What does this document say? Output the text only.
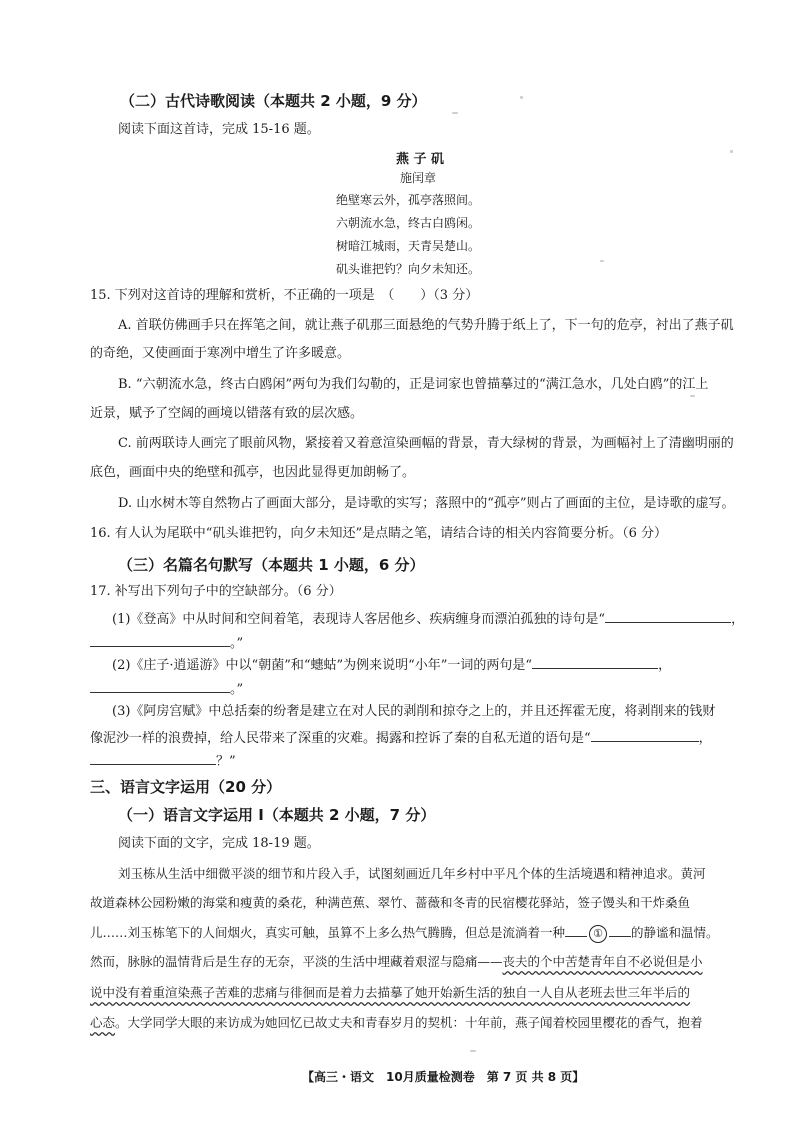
（二）古代诗歌阅读（本题共 2 小题，9 分）
阅读下面这首诗，完成 15-16 题。
燕 子 矶
施闰章
绝壁寒云外，孤亭落照间。
六朝流水急，终古白鸥闲。
树暗江城雨，天青吴楚山。
矶头谁把钓？向夕未知还。
15. 下列对这首诗的理解和赏析，不正确的一项是　（　　）（3 分）
A. 首联仿佛画手只在挥笔之间，就让燕子矶那三面悬绝的气势升腾于纸上了，下一句的危亭，衬出了燕子矶
的奇绝，又使画面于寒冽中增生了许多暖意。
B. “六朝流水急，终古白鸥闲”两句为我们勾勒的，正是词家也曾描摹过的“满江急水，几处白鸥”的江上
近景，赋予了空阔的画境以错落有致的层次感。
C. 前两联诗人画完了眼前风物，紧接着又着意渲染画幅的背景，青大绿树的背景，为画幅衬上了清幽明丽的
底色，画面中央的绝壁和孤亭，也因此显得更加朗畅了。
D. 山水树木等自然物占了画面大部分，是诗歌的实写；落照中的“孤亭”则占了画面的主位，是诗歌的虚写。
16. 有人认为尾联中“矶头谁把钓，向夕未知还”是点睛之笔，请结合诗的相关内容简要分析。（6 分）
（三）名篇名句默写（本题共 1 小题，6 分）
17. 补写出下列句子中的空缺部分。（6 分）
(1)《登高》中从时间和空间着笔，表现诗人客居他乡、疾病缠身而漂泊孤独的诗句是“	，
。”
(2)《庄子·逍遥游》中以“朝菌”和“蟪蛄”为例来说明“小年”一词的两句是“	，
。”
(3)《阿房宫赋》中总括秦的纷奢是建立在对人民的剥削和掠夺之上的，并且还挥霍无度，将剥削来的钱财
像泥沙一样的浪费掉，给人民带来了深重的灾难。揭露和控诉了秦的自私无道的语句是“	，
？”
三、语言文字运用（20 分）
（一）语言文字运用 Ⅰ（本题共 2 小题，7 分）
阅读下面的文字，完成 18-19 题。
刘玉栋从生活中细微平淡的细节和片段入手，试图刻画近几年乡村中平凡个体的生活境遇和精神追求。黄河
故道森林公园粉嫩的海棠和瘦黄的桑花，种满芭蕉、翠竹、蔷薇和冬青的民宿樱花驿站，签子馒头和干炸桑鱼
儿……刘玉栋笔下的人间烟火，真实可触，虽算不上多么热气腾腾，但总是流淌着一种	① 的静谧和温情。
然而，脉脉的温情背后是生存的无奈，平淡的生活中埋藏着艰涩与隐痛——丧夫的个中苦楚青年自不必说但是小
说中没有着重渲染燕子苦难的悲痛与徘徊而是着力去描摹了她开始新生活的独自一人自从老班去世三年半后的
心态。大学同学大眼的来访成为她回忆已故丈夫和青春岁月的契机：十年前，燕子闻着校园里樱花的香气，抱着
【高三・语文　10月质量检测卷　第 7 页 共 8 页】
